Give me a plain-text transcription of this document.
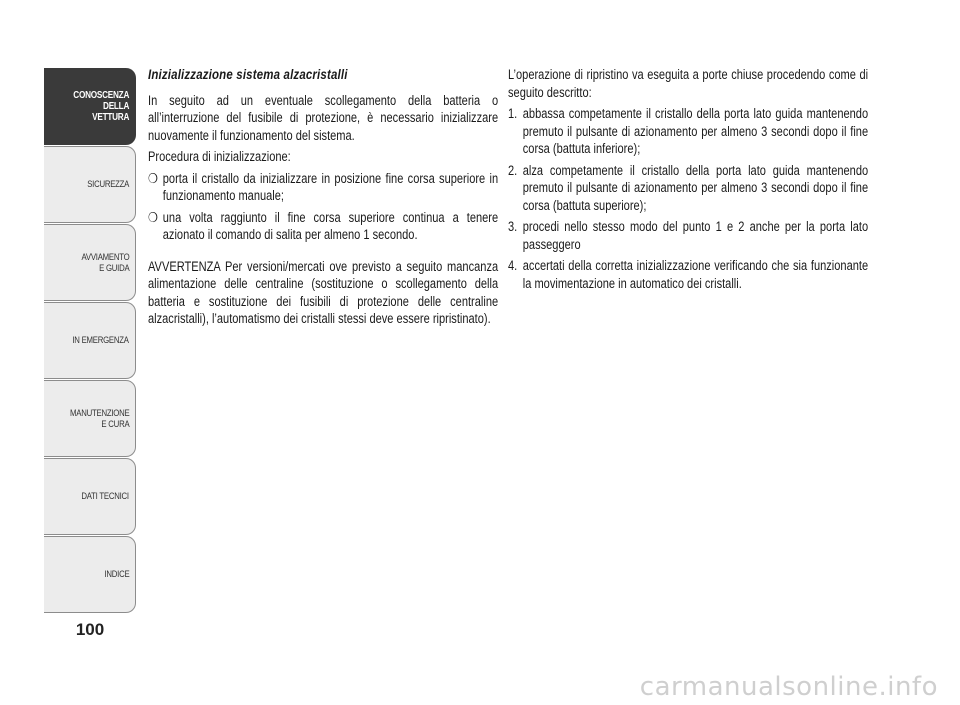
CONOSCENZA
DELLA
VETTURA
SICUREZZA
AVVIAMENTO
E GUIDA
IN EMERGENZA
MANUTENZIONE
E CURA
DATI TECNICI
INDICE
100
Inizializzazione sistema alzacristalli

In seguito ad un eventuale scollegamento della batteria o all’interruzione del fusibile di protezione, è necessario inizializzare nuovamente il funzionamento del sistema.

Procedura di inizializzazione:

❍ porta il cristallo da inizializzare in posizione fine corsa superiore in funzionamento manuale;
❍ una volta raggiunto il fine corsa superiore continua a tenere azionato il comando di salita per almeno 1 secondo.

AVVERTENZA Per versioni/mercati ove previsto a seguito mancanza alimentazione delle centraline (sostituzione o scollegamento della batteria e sostituzione dei fusibili di protezione delle centraline alzacristalli), l’automatismo dei cristalli stessi deve essere ripristinato).

L’operazione di ripristino va eseguita a porte chiuse procedendo come di seguito descritto:

1. abbassa competamente il cristallo della porta lato guida mantenendo premuto il pulsante di azionamento per almeno 3 secondi dopo il fine corsa (battuta inferiore);
2. alza competamente il cristallo della porta lato guida mantenendo premuto il pulsante di azionamento per almeno 3 secondi dopo il fine corsa (battuta superiore);
3. procedi nello stesso modo del punto 1 e 2 anche per la porta lato passeggero
4. accertati della corretta inizializzazione verificando che sia funzionante la movimentazione in automatico dei cristalli.
carmanualsonline.info
